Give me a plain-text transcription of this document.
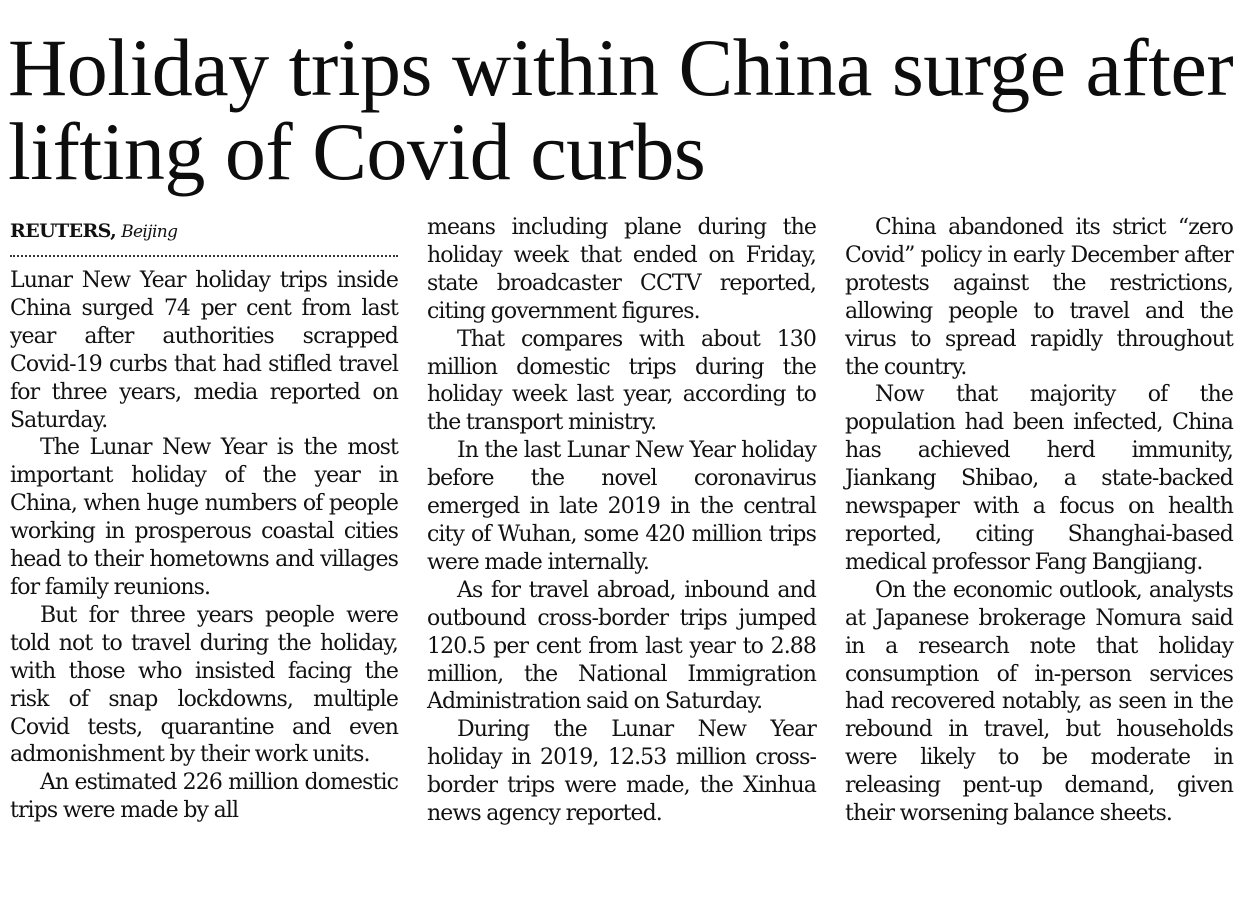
Holiday trips within China surge after lifting of Covid curbs
REUTERS, Beijing

Lunar New Year holiday trips inside China surged 74 per cent from last year after authorities scrapped Covid-19 curbs that had stifled travel for three years, media reported on Saturday.

The Lunar New Year is the most important holiday of the year in China, when huge numbers of people working in prosperous coastal cities head to their hometowns and villages for family reunions.

But for three years people were told not to travel during the holiday, with those who insisted facing the risk of snap lockdowns, multiple Covid tests, quarantine and even admonishment by their work units.

An estimated 226 million domestic trips were made by all

means including plane during the holiday week that ended on Friday, state broadcaster CCTV reported, citing government figures.

That compares with about 130 million domestic trips during the holiday week last year, according to the transport ministry.

In the last Lunar New Year holiday before the novel coronavirus emerged in late 2019 in the central city of Wuhan, some 420 million trips were made internally.

As for travel abroad, inbound and outbound cross-border trips jumped 120.5 per cent from last year to 2.88 million, the National Immigration Administration said on Saturday.

During the Lunar New Year holiday in 2019, 12.53 million cross-border trips were made, the Xinhua news agency reported.

China abandoned its strict “zero Covid” policy in early December after protests against the restrictions, allowing people to travel and the virus to spread rapidly throughout the country.

Now that majority of the population had been infected, China has achieved herd immunity, Jiankang Shibao, a state-backed newspaper with a focus on health reported, citing Shanghai-based medical professor Fang Bangjiang.

On the economic outlook, analysts at Japanese brokerage Nomura said in a research note that holiday consumption of in-person services had recovered notably, as seen in the rebound in travel, but households were likely to be moderate in releasing pent-up demand, given their worsening balance sheets.
